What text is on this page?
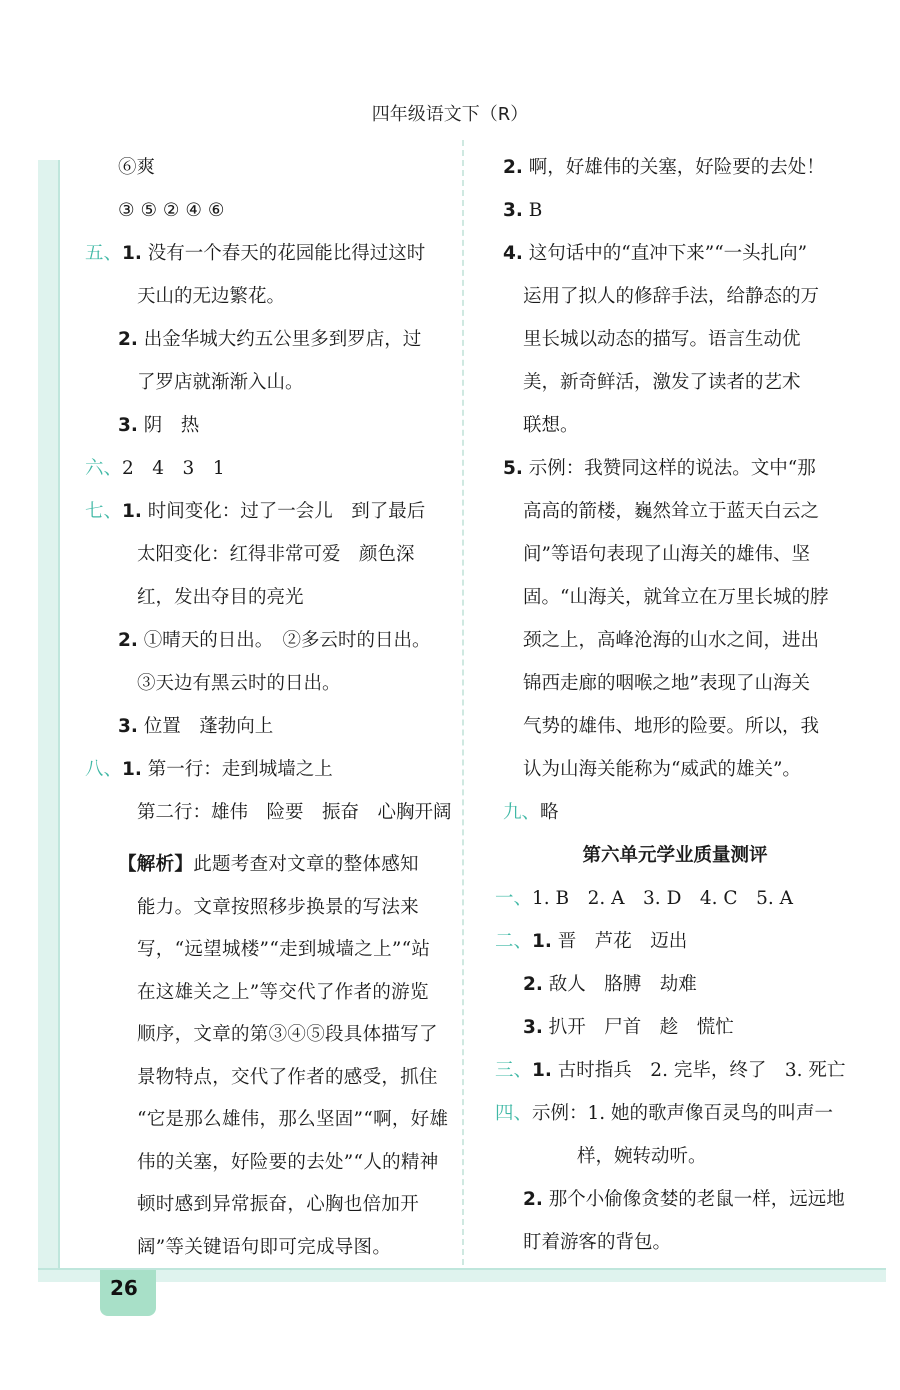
26
四年级语文下（R）
⑥爽
③ ⑤ ② ④ ⑥
五、1. 没有一个春天的花园能比得过这时
天山的无边繁花。
2. 出金华城大约五公里多到罗店，过
了罗店就渐渐入山。
3. 阴　热
六、2　4　3　1
七、1. 时间变化：过了一会儿　到了最后
太阳变化：红得非常可爱　颜色深
红，发出夺目的亮光
2. ①晴天的日出。　②多云时的日出。
③天边有黑云时的日出。
3. 位置　蓬勃向上
八、1. 第一行：走到城墙之上
第二行：雄伟　险要　振奋　心胸开阔
【解析】此题考查对文章的整体感知
能力。文章按照移步换景的写法来
写，“远望城楼”“走到城墙之上”“站
在这雄关之上”等交代了作者的游览
顺序，文章的第③④⑤段具体描写了
景物特点，交代了作者的感受，抓住
“它是那么雄伟，那么坚固”“啊，好雄
伟的关塞，好险要的去处”“人的精神
顿时感到异常振奋，心胸也倍加开
阔”等关键语句即可完成导图。
2. 啊，好雄伟的关塞，好险要的去处！
3. B
4. 这句话中的“直冲下来”“一头扎向”
运用了拟人的修辞手法，给静态的万
里长城以动态的描写。语言生动优
美，新奇鲜活，激发了读者的艺术
联想。
5. 示例：我赞同这样的说法。文中“那
高高的箭楼，巍然耸立于蓝天白云之
间”等语句表现了山海关的雄伟、坚
固。“山海关，就耸立在万里长城的脖
颈之上，高峰沧海的山水之间，进出
锦西走廊的咽喉之地”表现了山海关
气势的雄伟、地形的险要。所以，我
认为山海关能称为“威武的雄关”。
九、略
第六单元学业质量测评
一、1. B　2. A　3. D　4. C　5. A
二、1. 晋　芦花　迈出
2. 敌人　胳膊　劫难
3. 扒开　尸首　趁　慌忙
三、1. 古时指兵　2. 完毕，终了　3. 死亡
四、示例：1. 她的歌声像百灵鸟的叫声一
样，婉转动听。
2. 那个小偷像贪婪的老鼠一样，远远地
盯着游客的背包。
